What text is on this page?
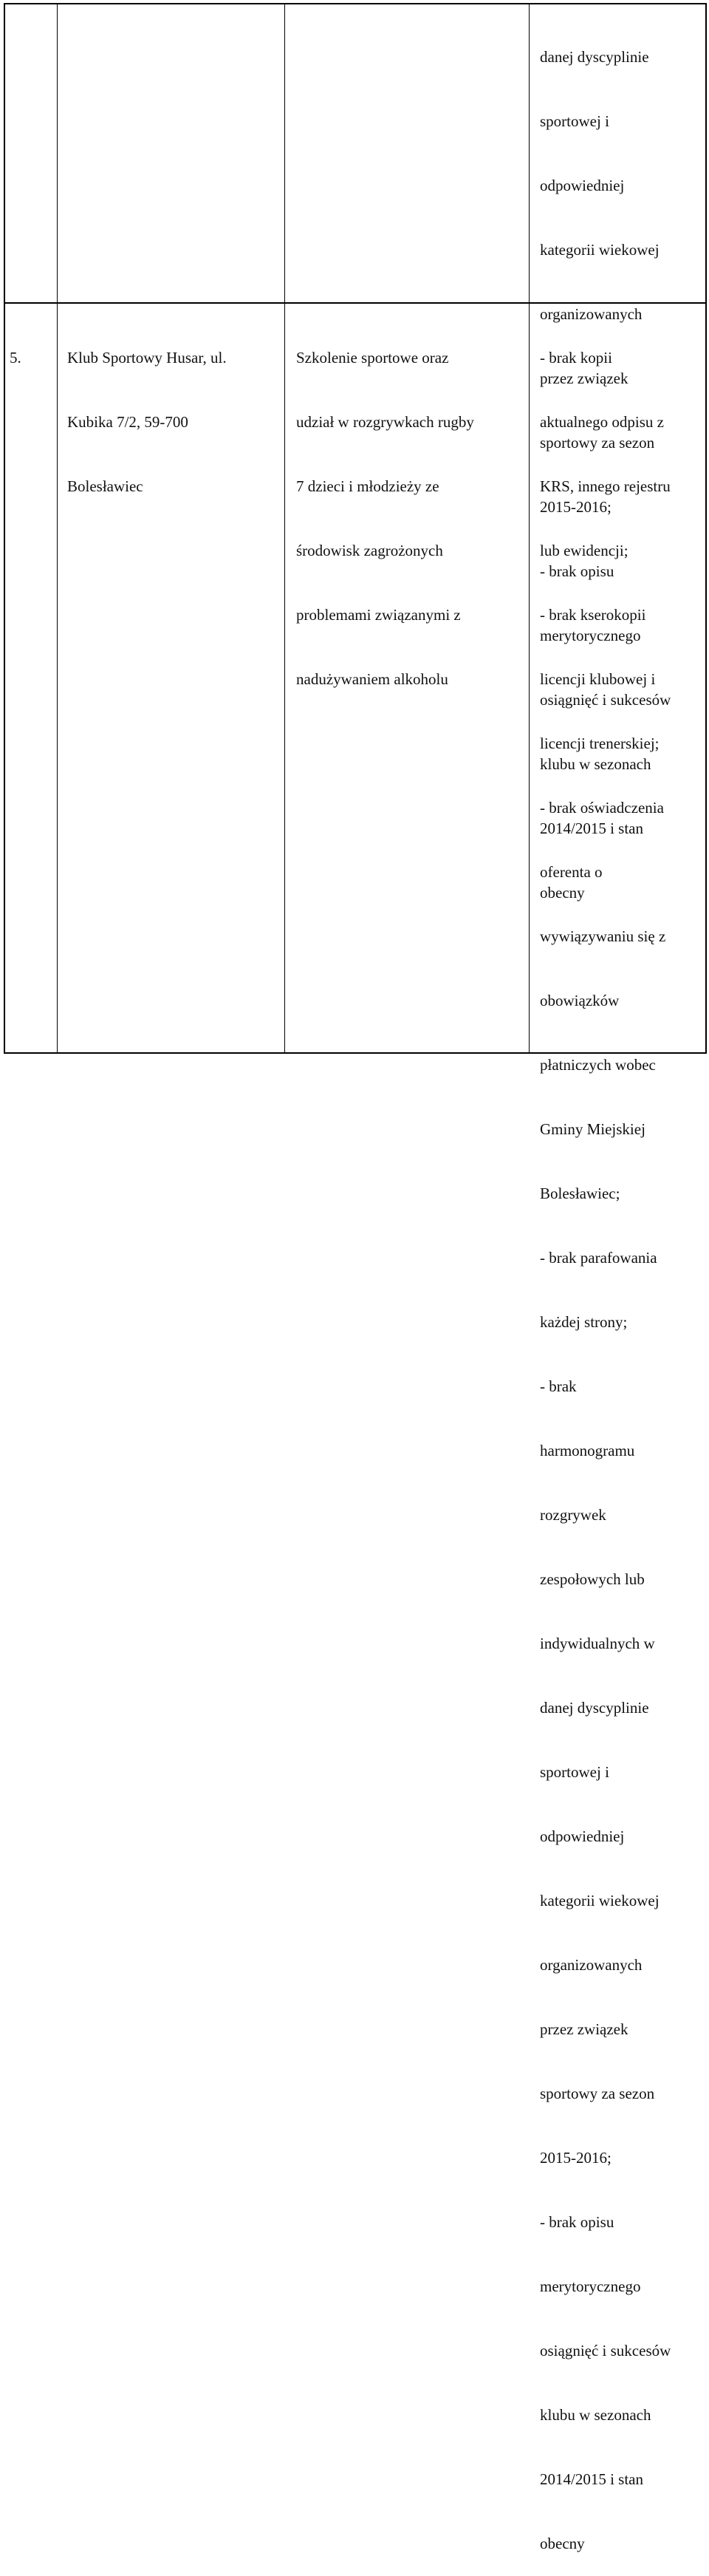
danej dyscyplinie

sportowej i

odpowiedniej

kategorii wiekowej

organizowanych

przez związek

sportowy za sezon

2015-2016;

- brak opisu

merytorycznego

osiągnięć i sukcesów

klubu w sezonach

2014/2015 i stan

obecny

5.

	Klub Sportowy Husar, ul.

Kubika 7/2, 59-700

Bolesławiec

Szkolenie sportowe oraz

udział w rozgrywkach rugby

7 dzieci i młodzieży ze

środowisk zagrożonych

problemami związanymi z

nadużywaniem alkoholu

- brak kopii

aktualnego odpisu z

KRS, innego rejestru

lub ewidencji;

- brak kserokopii

licencji klubowej i

licencji trenerskiej;

- brak oświadczenia

oferenta o

wywiązywaniu się z

obowiązków

płatniczych wobec

Gminy Miejskiej

Bolesławiec;

- brak parafowania

każdej strony;

- brak

harmonogramu

rozgrywek

zespołowych lub

indywidualnych w

danej dyscyplinie

sportowej i

odpowiedniej

kategorii wiekowej

organizowanych

przez związek

sportowy za sezon

2015-2016;

- brak opisu

merytorycznego

osiągnięć i sukcesów

klubu w sezonach

2014/2015 i stan

obecny
